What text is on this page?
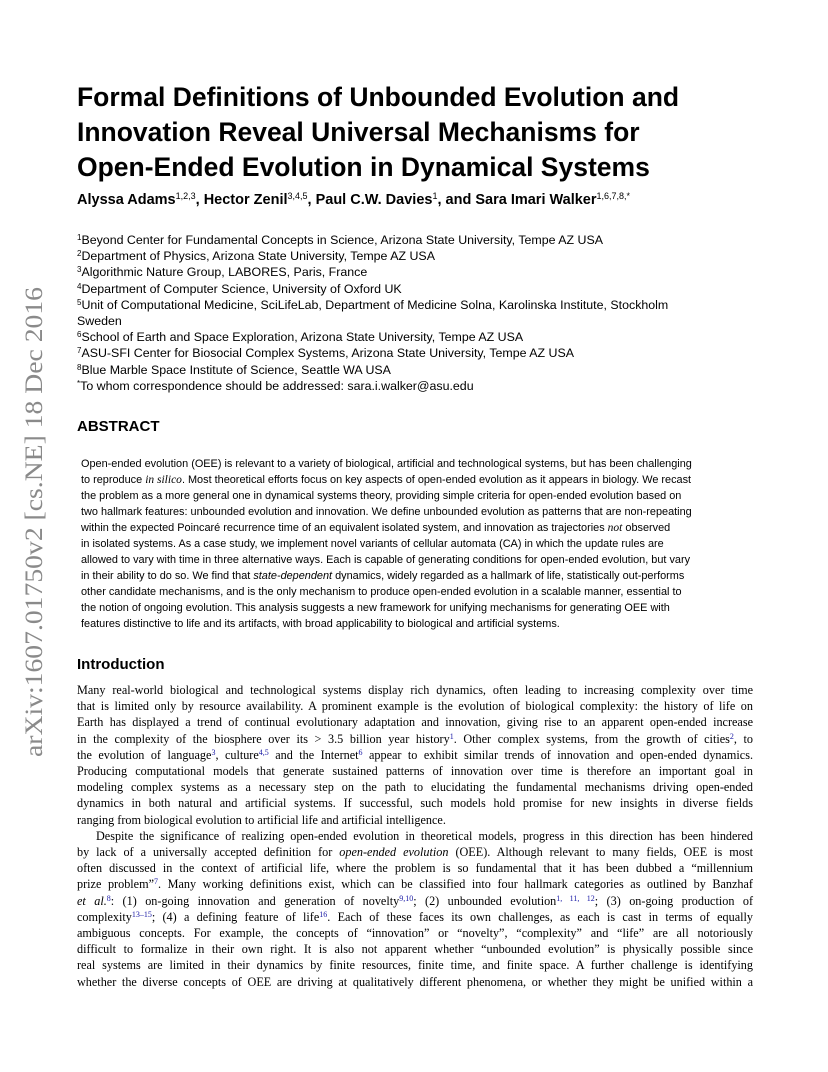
arXiv:1607.01750v2 [cs.NE] 18 Dec 2016
Formal Definitions of Unbounded Evolution and
Innovation Reveal Universal Mechanisms for
Open-Ended Evolution in Dynamical Systems
Alyssa Adams$^{1,2,3}$, Hector Zenil$^{3,4,5}$, Paul C.W. Davies$^1$, and Sara Imari Walker$^{1,6,7,8,*}$
$^1$Beyond Center for Fundamental Concepts in Science, Arizona State University, Tempe AZ USA
$^2$Department of Physics, Arizona State University, Tempe AZ USA
$^3$Algorithmic Nature Group, LABORES, Paris, France
$^4$Department of Computer Science, University of Oxford UK
$^5$Unit of Computational Medicine, SciLifeLab, Department of Medicine Solna, Karolinska Institute, Stockholm
Sweden
$^6$School of Earth and Space Exploration, Arizona State University, Tempe AZ USA
$^7$ASU-SFI Center for Biosocial Complex Systems, Arizona State University, Tempe AZ USA
$^8$Blue Marble Space Institute of Science, Seattle WA USA
*To whom correspondence should be addressed: sara.i.walker@asu.edu
ABSTRACT
Open-ended evolution (OEE) is relevant to a variety of biological, artificial and technological systems, but has been challenging
to reproduce in silico. Most theoretical efforts focus on key aspects of open-ended evolution as it appears in biology. We recast
the problem as a more general one in dynamical systems theory, providing simple criteria for open-ended evolution based on
two hallmark features: unbounded evolution and innovation. We define unbounded evolution as patterns that are non-repeating
within the expected Poincaré recurrence time of an equivalent isolated system, and innovation as trajectories not observed
in isolated systems. As a case study, we implement novel variants of cellular automata (CA) in which the update rules are
allowed to vary with time in three alternative ways. Each is capable of generating conditions for open-ended evolution, but vary
in their ability to do so. We find that state-dependent dynamics, widely regarded as a hallmark of life, statistically out-performs
other candidate mechanisms, and is the only mechanism to produce open-ended evolution in a scalable manner, essential to
the notion of ongoing evolution. This analysis suggests a new framework for unifying mechanisms for generating OEE with
features distinctive to life and its artifacts, with broad applicability to biological and artificial systems.
Introduction
Many real-world biological and technological systems display rich dynamics, often leading to increasing complexity over time
that is limited only by resource availability. A prominent example is the evolution of biological complexity: the history of life on
Earth has displayed a trend of continual evolutionary adaptation and innovation, giving rise to an apparent open-ended increase
in the complexity of the biosphere over its > 3.5 billion year history$^1$. Other complex systems, from the growth of cities$^2$, to
the evolution of language$^3$, culture$^{4,5}$ and the Internet$^6$ appear to exhibit similar trends of innovation and open-ended dynamics.
Producing computational models that generate sustained patterns of innovation over time is therefore an important goal in
modeling complex systems as a necessary step on the path to elucidating the fundamental mechanisms driving open-ended
dynamics in both natural and artificial systems. If successful, such models hold promise for new insights in diverse fields
ranging from biological evolution to artificial life and artificial intelligence.
Despite the significance of realizing open-ended evolution in theoretical models, progress in this direction has been hindered
by lack of a universally accepted definition for open-ended evolution (OEE). Although relevant to many fields, OEE is most
often discussed in the context of artificial life, where the problem is so fundamental that it has been dubbed a “millennium
prize problem”$^7$. Many working definitions exist, which can be classified into four hallmark categories as outlined by Banzhaf
et al.$^8$: (1) on-going innovation and generation of novelty$^{9,10}$; (2) unbounded evolution$^{1, 11, 12}$; (3) on-going production of
complexity$^{13-15}$; (4) a defining feature of life$^{16}$. Each of these faces its own challenges, as each is cast in terms of equally
ambiguous concepts. For example, the concepts of “innovation” or “novelty”, “complexity” and “life” are all notoriously
difficult to formalize in their own right. It is also not apparent whether “unbounded evolution” is physically possible since
real systems are limited in their dynamics by finite resources, finite time, and finite space. A further challenge is identifying
whether the diverse concepts of OEE are driving at qualitatively different phenomena, or whether they might be unified within a
